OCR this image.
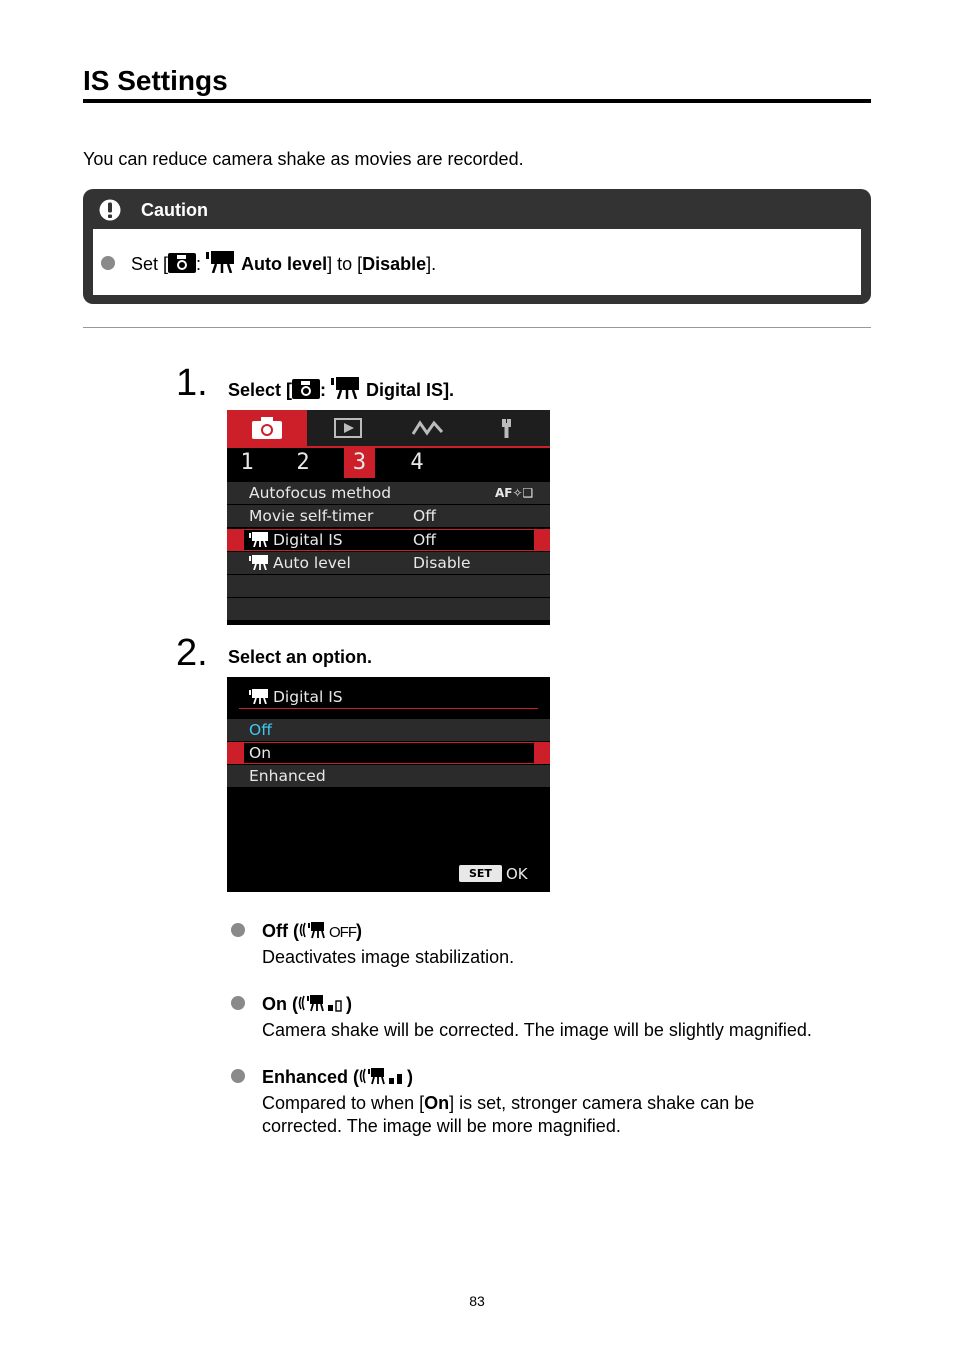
IS Settings
You can reduce camera shake as movies are recorded.
Caution
Set [ :  Auto level] to [Disable].
1. Select [ :  Digital IS].
1 2	3	4
Autofocus method	AF✧❑
Movie self-timer	Off
Digital IS	Off
Auto level	Disable
2. Select an option.
Digital IS
Off
On
Enhanced
SET OK
Off ( OFF)
Deactivates image stabilization.
On (	)
Camera shake will be corrected. The image will be slightly magnified.
Enhanced (	)
Compared to when [On] is set, stronger camera shake can be corrected. The image will be more magnified.
83
